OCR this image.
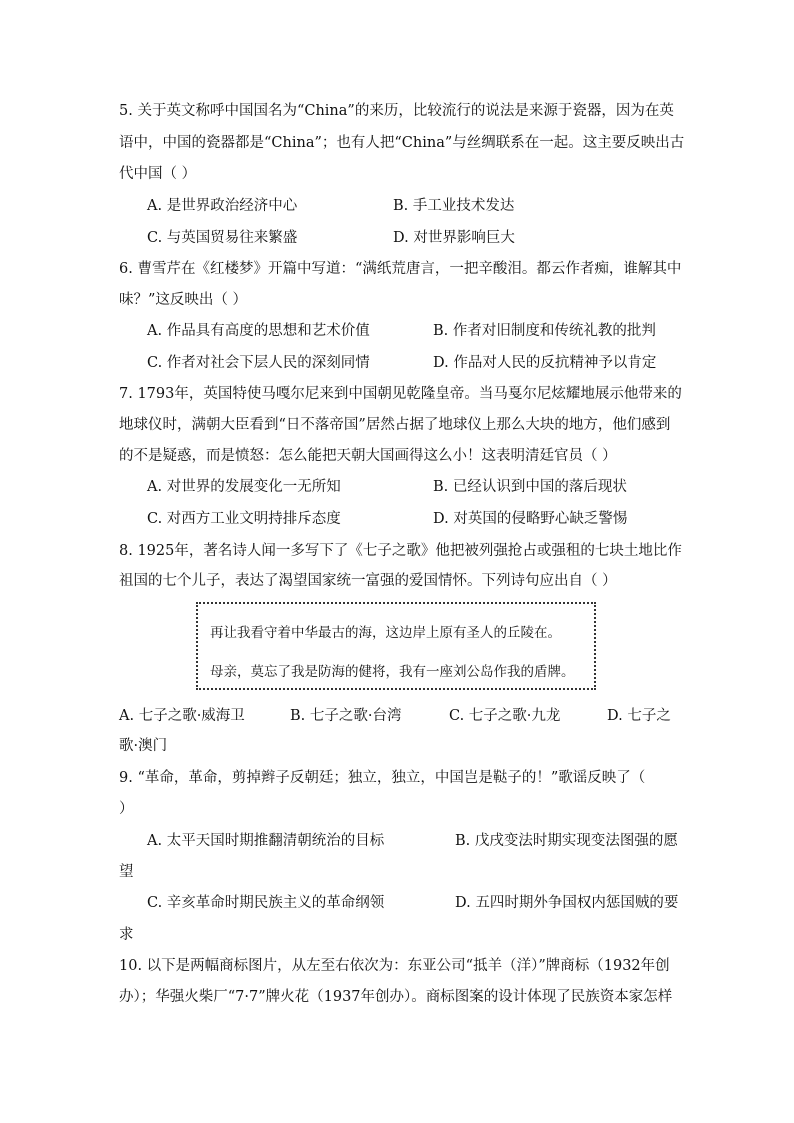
5. 关于英文称呼中国国名为“China”的来历，比较流行的说法是来源于瓷器，因为在英
语中，中国的瓷器都是“China”；也有人把“China”与丝绸联系在一起。这主要反映出古
代中国（ ）
A. 是世界政治经济中心	B. 手工业技术发达
C. 与英国贸易往来繁盛	D. 对世界影响巨大
6. 曹雪芹在《红楼梦》开篇中写道：“满纸荒唐言，一把辛酸泪。都云作者痴，谁解其中
味？”这反映出（ ）
A. 作品具有高度的思想和艺术价值	B. 作者对旧制度和传统礼教的批判
C. 作者对社会下层人民的深刻同情	D. 作品对人民的反抗精神予以肯定
7. 1793年，英国特使马嘎尔尼来到中国朝见乾隆皇帝。当马戛尔尼炫耀地展示他带来的
地球仪时，满朝大臣看到“日不落帝国”居然占据了地球仪上那么大块的地方，他们感到
的不是疑惑，而是愤怒：怎么能把天朝大国画得这么小！这表明清廷官员（ ）
A. 对世界的发展变化一无所知	B. 已经认识到中国的落后现状
C. 对西方工业文明持排斥态度	D. 对英国的侵略野心缺乏警惕
8. 1925年，著名诗人闻一多写下了《七子之歌》他把被列强抢占或强租的七块土地比作
祖国的七个儿子，表达了渴望国家统一富强的爱国情怀。下列诗句应出自（ ）
再让我看守着中华最古的海，这边岸上原有圣人的丘陵在。
母亲，莫忘了我是防海的健将，我有一座刘公岛作我的盾牌。
A. 七子之歌·威海卫	B. 七子之歌·台湾	C. 七子之歌·九龙	D. 七子之
歌·澳门
9. “革命，革命，剪掉辫子反朝廷；独立，独立，中国岂是鞑子的！”歌谣反映了（
）
A. 太平天国时期推翻清朝统治的目标	B. 戊戌变法时期实现变法图强的愿
望
C. 辛亥革命时期民族主义的革命纲领	D. 五四时期外争国权内惩国贼的要
求
10. 以下是两幅商标图片，从左至右依次为：东亚公司“抵羊（洋）”牌商标（1932年创
办）；华强火柴厂“7·7”牌火花（1937年创办）。商标图案的设计体现了民族资本家怎样
